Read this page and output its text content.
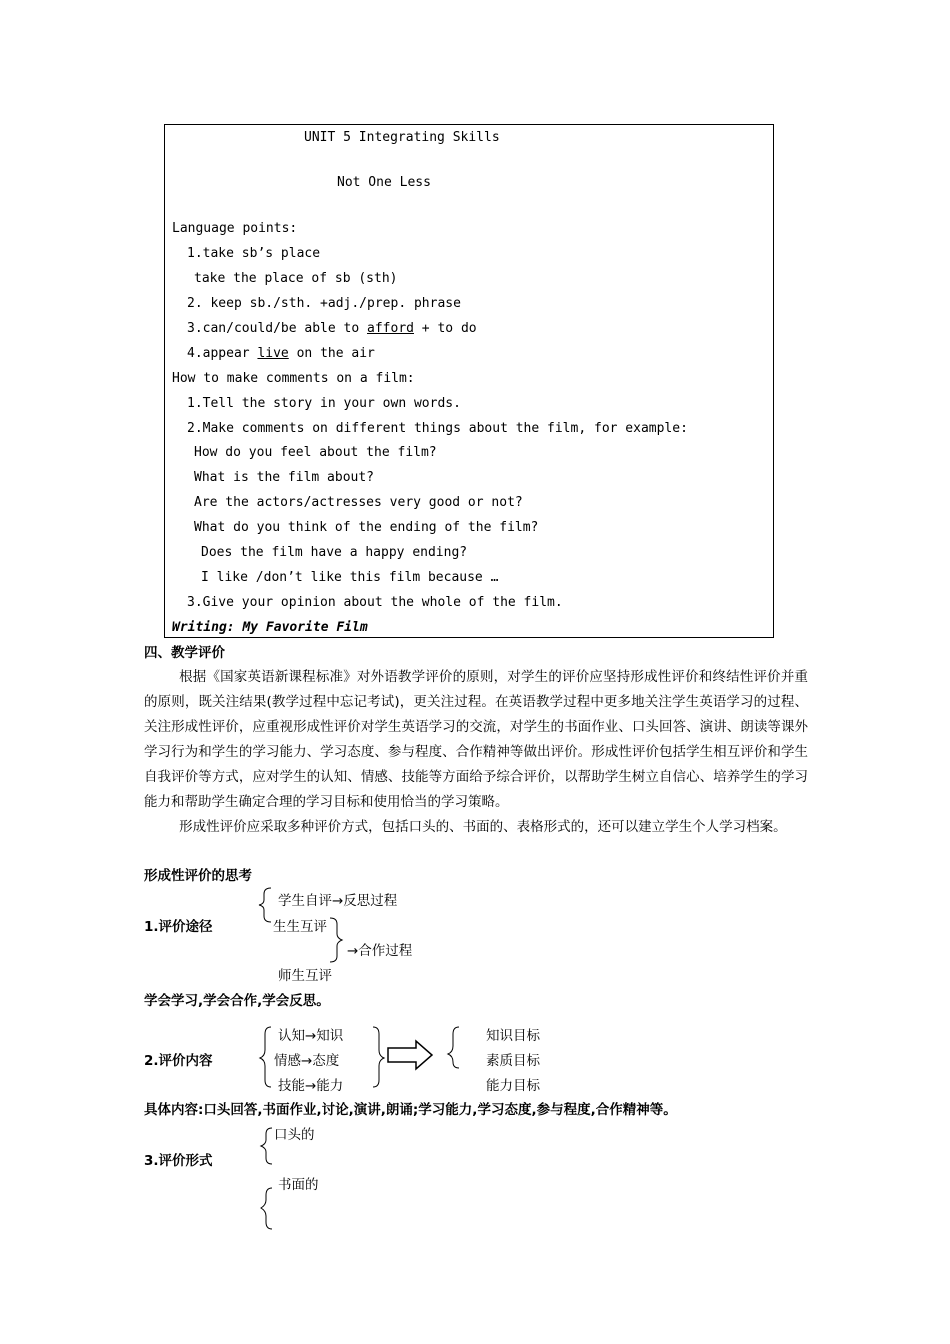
UNIT 5 Integrating Skills
Not One Less
Language points:
1.take sb’s place
take the place of sb (sth)
2. keep sb./sth. +adj./prep. phrase
3.can/could/be able to afford + to do
4.appear live on the air
How to make comments on a film:
1.Tell the story in your own words.
2.Make comments on different things about the film, for example:
How do you feel about the film?
What is the film about?
Are the actors/actresses very good or not?
What do you think of the ending of the film?
Does the film have a happy ending?
I like /don’t like this film because …
3.Give your opinion about the whole of the film.
Writing: My Favorite Film
四、教学评价
根据《国家英语新课程标准》对外语教学评价的原则，对学生的评价应坚持形成性评价和终结性评价并重的原则，既关注结果(教学过程中忘记考试)，更关注过程。在英语教学过程中更多地关注学生英语学习的过程、关注形成性评价，应重视形成性评价对学生英语学习的交流，对学生的书面作业、口头回答、演讲、朗读等课外学习行为和学生的学习能力、学习态度、参与程度、合作精神等做出评价。形成性评价包括学生相互评价和学生自我评价等方式，应对学生的认知、情感、技能等方面给予综合评价，以帮助学生树立自信心、培养学生的学习能力和帮助学生确定合理的学习目标和使用恰当的学习策略。
形成性评价应采取多种评价方式，包括口头的、书面的、表格形式的，还可以建立学生个人学习档案。
形成性评价的思考
1.评价途径
学生自评→反思过程
生生互评
→合作过程
师生互评
学会学习,学会合作,学会反思。
2.评价内容
认知→知识
情感→态度
技能→能力
知识目标
素质目标
能力目标
具体内容:口头回答,书面作业,讨论,演讲,朗诵;学习能力,学习态度,参与程度,合作精神等。
3.评价形式
口头的
书面的
